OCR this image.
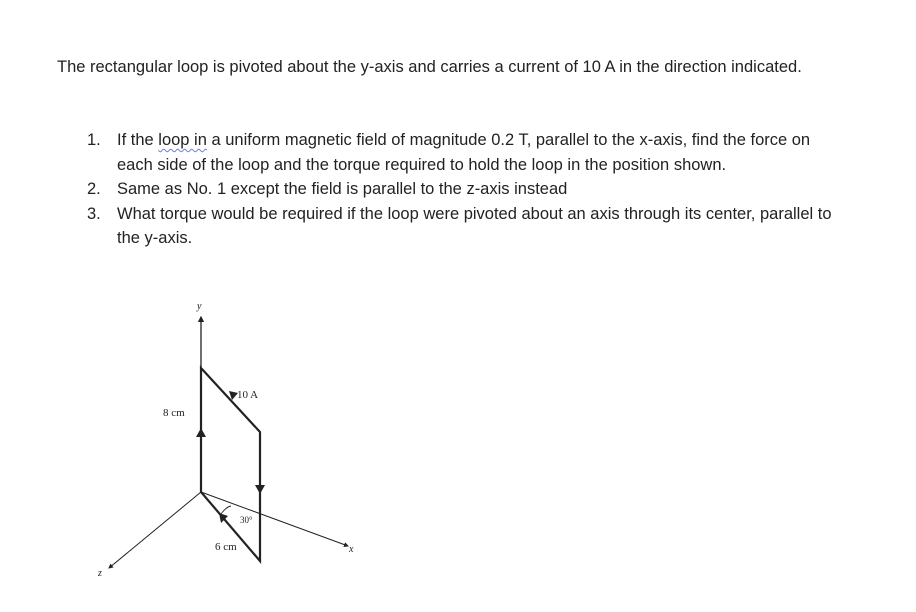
The rectangular loop is pivoted about the y-axis and carries a current of 10 A in the direction indicated.

1. If the loop in a uniform magnetic field of magnitude 0.2 T, parallel to the x-axis, find the force on each side of the loop and the torque required to hold the loop in the position shown.
2. Same as No. 1 except the field is parallel to the z-axis instead
3. What torque would be required if the loop were pivoted about an axis through its center, parallel to the y-axis.
y
x
z
8 cm
10 A
30°
6 cm
